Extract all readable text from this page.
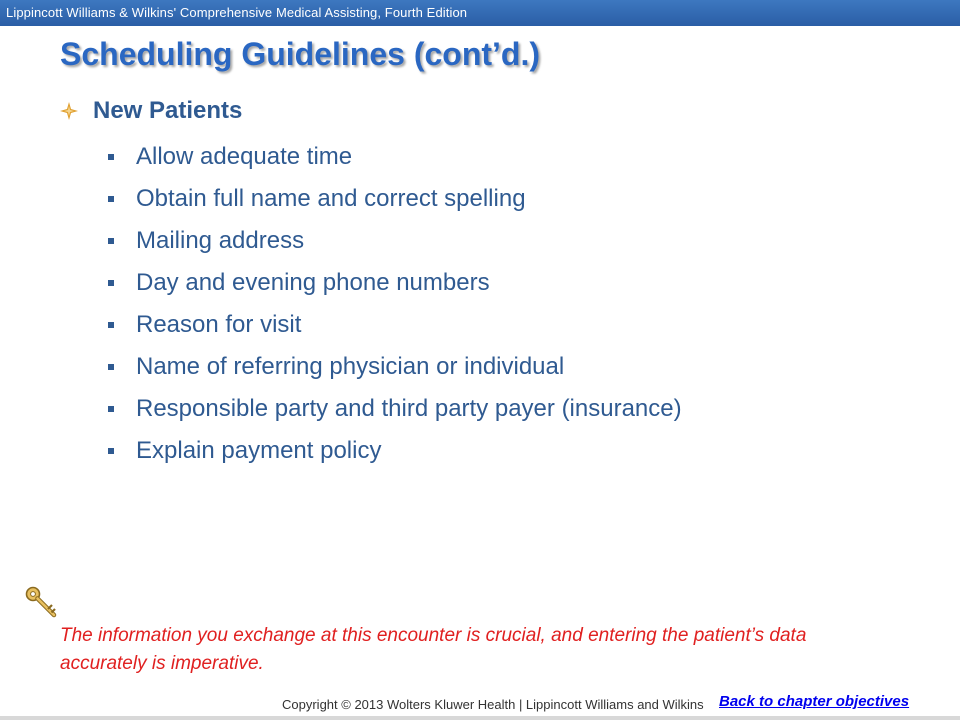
Lippincott Williams & Wilkins' Comprehensive Medical Assisting, Fourth Edition
Scheduling Guidelines (cont’d.)
New Patients
Allow adequate time
Obtain full name and correct spelling
Mailing address
Day and evening phone numbers
Reason for visit
Name of referring physician or individual
Responsible party and third party payer (insurance)
Explain payment policy
The information you exchange at this encounter is crucial, and entering the patient’s data accurately is imperative.
Copyright © 2013 Wolters Kluwer Health | Lippincott Williams and Wilkins Back to chapter objectives
